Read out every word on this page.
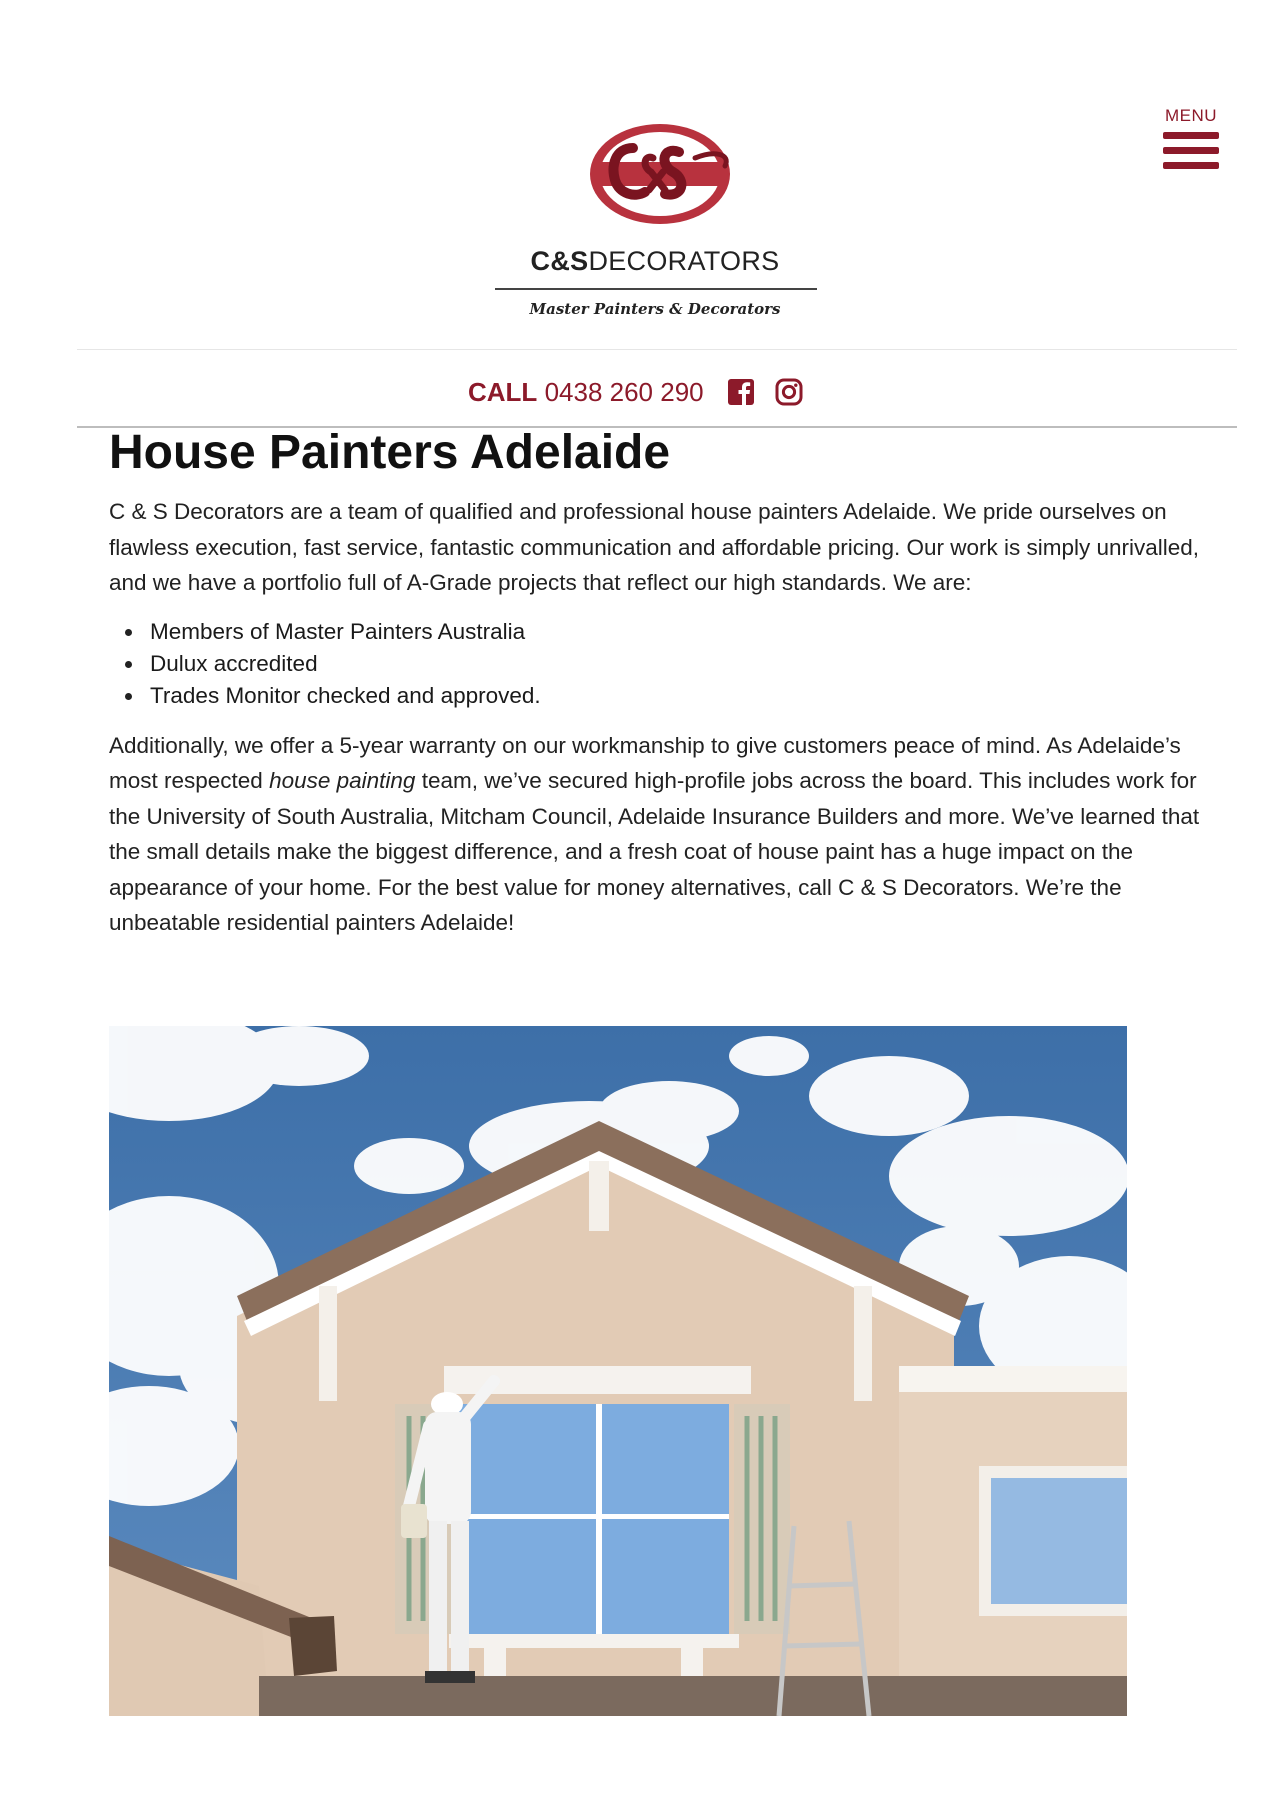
MENU
C&SDECORATORS
Master Painters & Decorators
CALL 0438 260 290
House Painters Adelaide

C & S Decorators are a team of qualified and professional house painters Adelaide. We pride ourselves on flawless execution, fast service, fantastic communication and affordable pricing. Our work is simply unrivalled, and we have a portfolio full of A-Grade projects that reflect our high standards. We are:

Members of Master Painters Australia
Dulux accredited
Trades Monitor checked and approved.

Additionally, we offer a 5-year warranty on our workmanship to give customers peace of mind. As Adelaide’s most respected house painting team, we’ve secured high-profile jobs across the board. This includes work for the University of South Australia, Mitcham Council, Adelaide Insurance Builders and more. We’ve learned that the small details make the biggest difference, and a fresh coat of house paint has a huge impact on the appearance of your home. For the best value for money alternatives, call C & S Decorators. We’re the unbeatable residential painters Adelaide!
